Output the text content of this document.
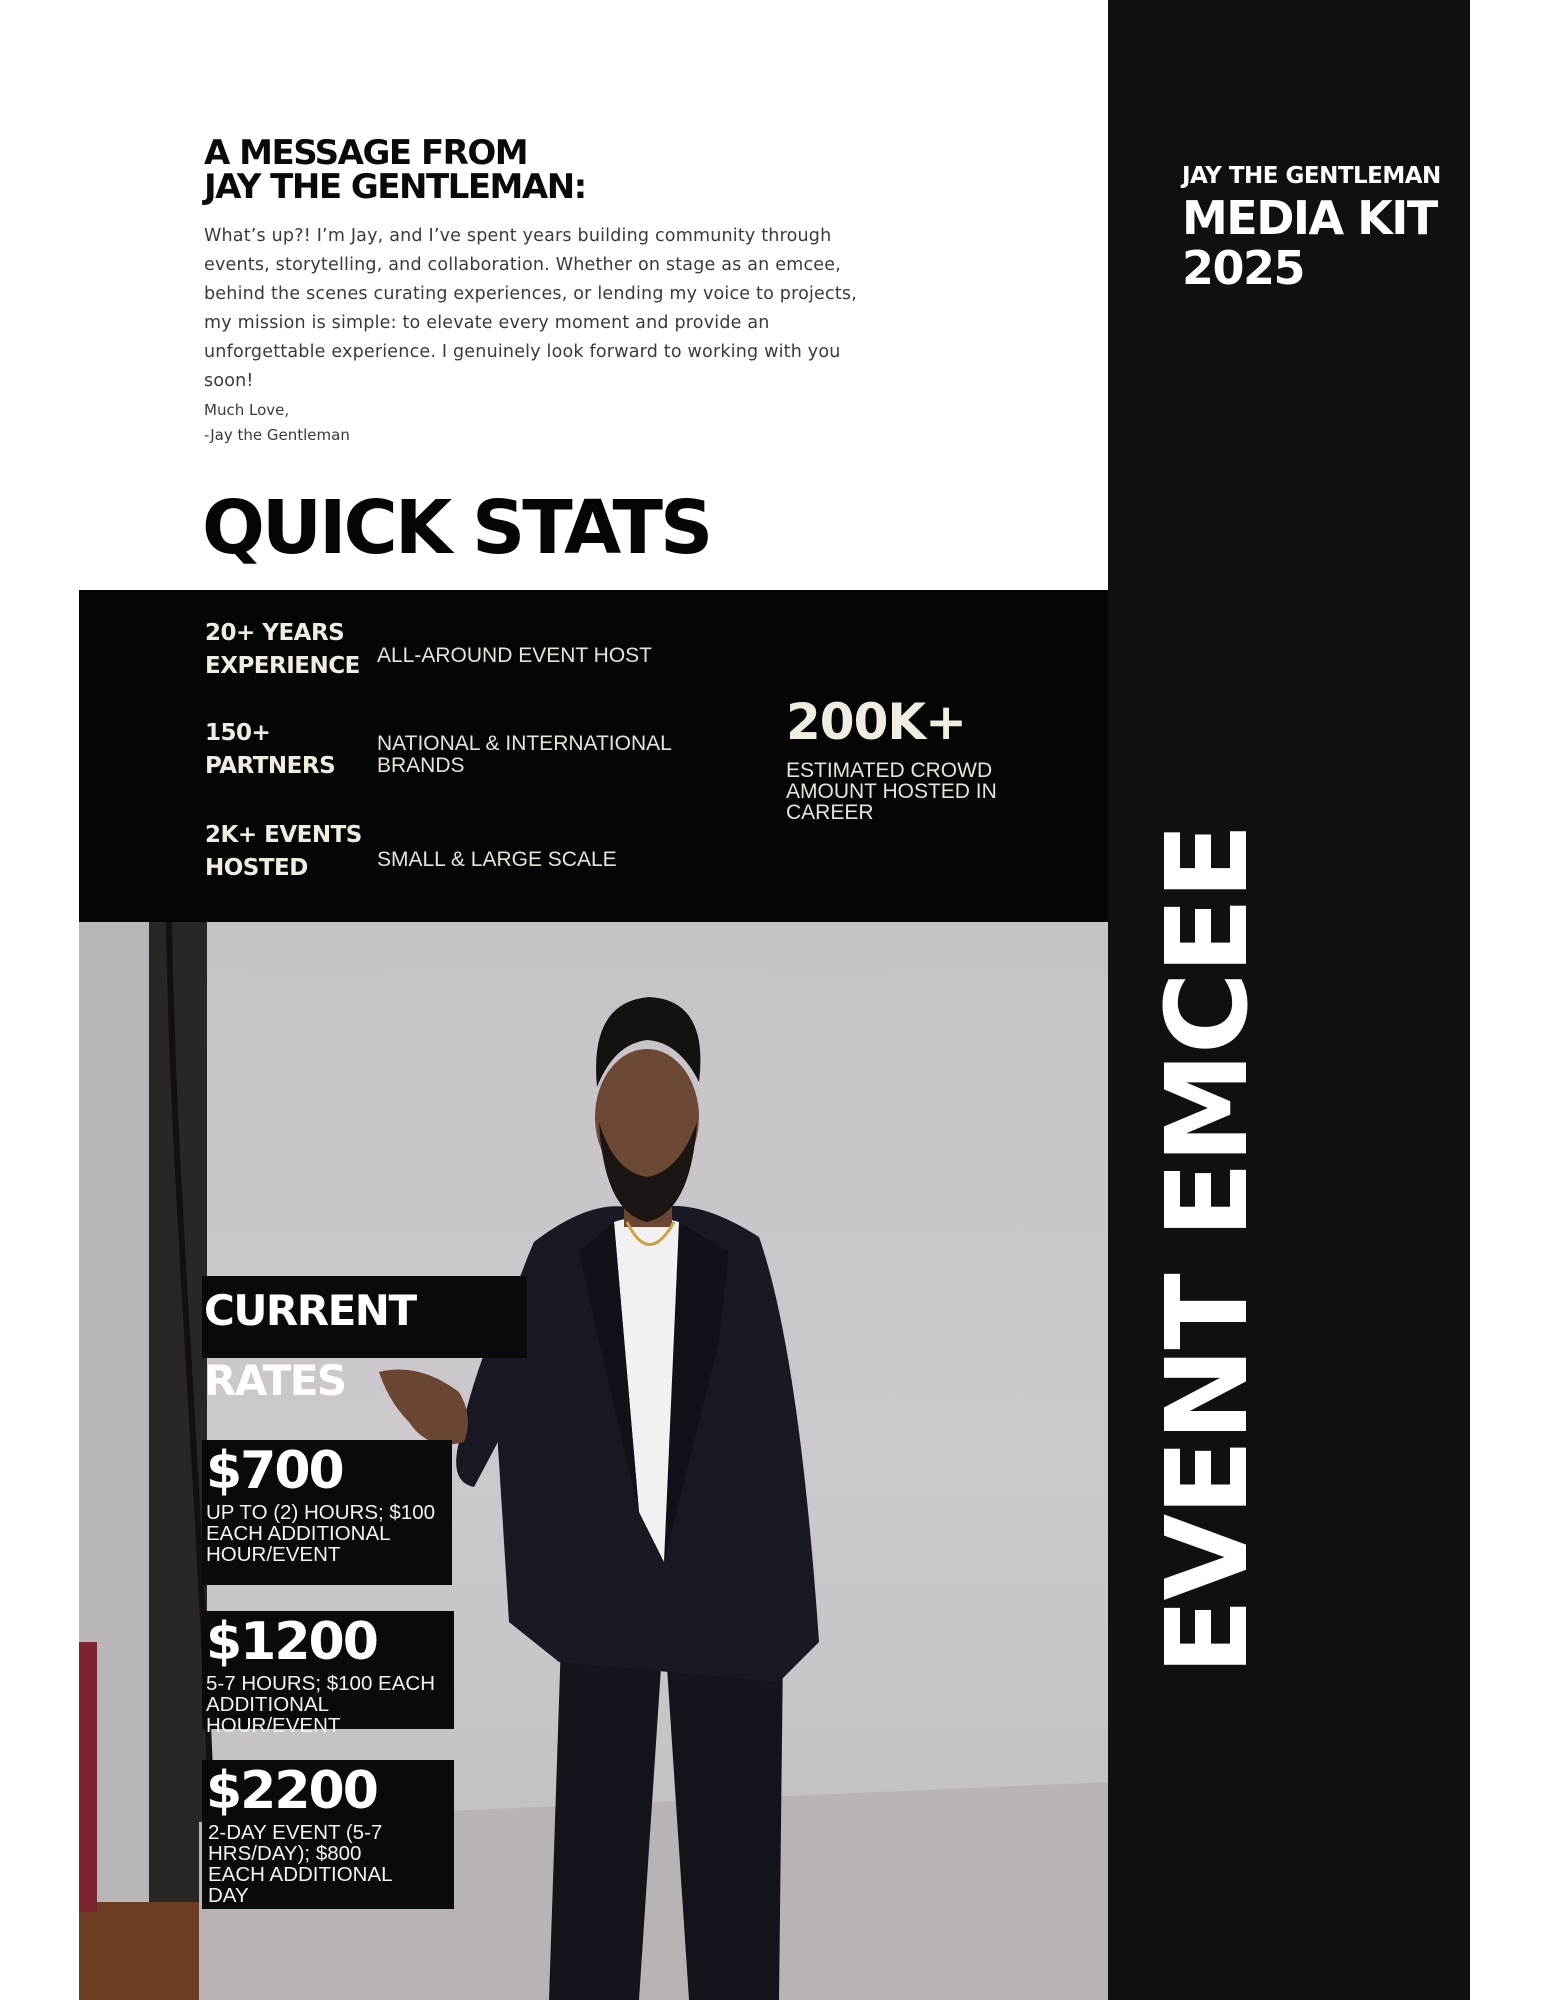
JAY THE GENTLEMAN
MEDIA KIT
2025
EVENT EMCEE
A MESSAGE FROM
JAY THE GENTLEMAN:

What’s up?! I’m Jay, and I’ve spent years building community through events, storytelling, and collaboration. Whether on stage as an emcee, behind the scenes curating experiences, or lending my voice to projects, my mission is simple: to elevate every moment and provide an unforgettable experience. I genuinely look forward to working with you soon!

Much Love,
-Jay the Gentleman
QUICK STATS
20+ YEARS EXPERIENCE ALL-AROUND EVENT HOST
150+ PARTNERS
NATIONAL & INTERNATIONAL BRANDS
2K+ EVENTS HOSTED	SMALL & LARGE SCALE
200K+
ESTIMATED CROWD AMOUNT HOSTED IN CAREER
CURRENT RATES
$700
UP TO (2) HOURS; $100 EACH ADDITIONAL HOUR/EVENT
$1200
5-7 HOURS; $100 EACH ADDITIONAL HOUR/EVENT
$2200
2-DAY EVENT (5-7 HRS/DAY); $800 EACH ADDITIONAL DAY
